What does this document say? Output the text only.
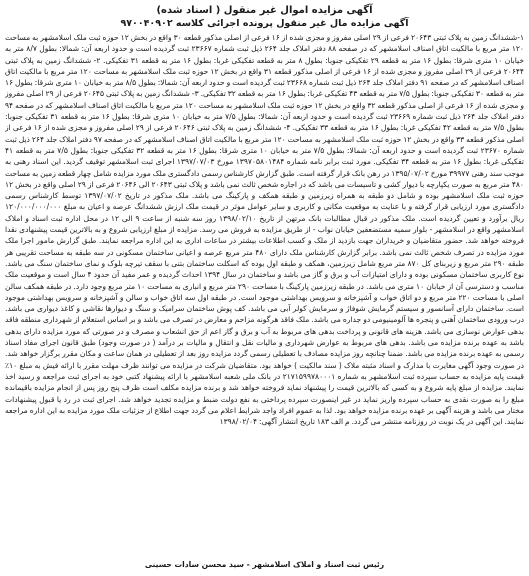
آگهی مزایده اموال غیر منقول ( اسناد شده)
آگهی مزایده مال غیر منقول پرونده اجرائی کلاسه ۹۷۰۰۴۰۹۰۲

۱-ششدانگ زمین به پلاک ثبتی ۲۰۶۴۳ فرعی از ۲۹ اصلی مفروز و مجزی شده از ۱۶ فرعی از اصلی مذکور قطعه ۳۰ واقع در بخش ۱۲ حوزه ثبت ملک اسلامشهر به مساحت ۱۲۰ متر مربع با مالکیت اتاق اصناف اسلامشهر که در صفحه ۸۸ دفتر املاک جلد ۲۶۴ ذیل ثبت شماره ۲۳۶۶۷ ثبت گردیده است و حدود اربعه آن: شمالا: بطول ۸/۷ متر به خیابان ۱۰ متری شرقا: بطول ۱۶ متر به قطعه ۲۹ تفکیکی جنوبا: بطول ۸ متر به قطعه تفکیکی غربا: بطول ۱۶ متر به قطعه ۳۱ تفکیکی. ۲- ششدانگ زمین به پلاک ثبتی ۲۰۶۴۴ فرعی از ۲۹ اصلی مفروز و مجزی شده از ۱۶ فرعی از اصلی مذکور قطعه ۳۱ واقع در بخش ۱۲ حوزه ثبت ملک اسلامشهر به مساحت ۱۲۰ متر مربع با مالکیت اتاق اصناف اسلامشهر که در صفحه ۹۱ دفتر املاک جلد ۲۶۴ ذیل ثبت شماره ۲۳۶۶۸ ثبت گردیده است و حدود اربعه آن: شمالا: بطول ۸/۵ متر به خیابان ۱۰ متری شرقا: بطول ۱۶ متر به قطعه ۳۰ تفکیکی جنوبا: بطول ۷/۵ متر به قطعه ۴۳ تفکیکی غربا: بطول ۱۶ متر به قطعه ۳۲ تفکیکی. ۳- ششدانگ زمین به پلاک ثبتی ۲۰۶۴۵ فرعی از ۲۹ اصلی مفروز و مجزی شده از ۱۶ فرعی از اصلی مذکور قطعه ۳۲ واقع در بخش ۱۲ حوزه ثبت ملک اسلامشهر به مساحت ۱۲۰ متر مربع با مالکیت اتاق اصناف اسلامشهر که در صفحه ۹۴ دفتر املاک جلد ۲۶۴ ذیل ثبت شماره ۲۳۶۶۹ ثبت گردیده است و حدود اربعه آن: شمالا: بطول ۷/۵ متر به خیابان ۱۰ متری شرقا: بطول ۱۶ متر به قطعه ۳۱ تفکیکی جنوبا: بطول ۷/۵ متر به قطعه ۴۲ تفکیکی غربا: بطول ۱۶ متر به قطعه ۳۳ تفکیکی. ۴- ششدانگ زمین به پلاک ثبتی ۲۰۶۴۶ فرعی از ۲۹ اصلی مفروز و مجزی شده از ۱۶ فرعی از اصلی مذکور قطعه ۳۳ واقع در بخش ۱۲ حوزه ثبت ملک اسلامشهر به مساحت ۱۲۰ متر مربع با مالکیت اتاق اصناف اسلامشهر که در صفحه ۹۷ دفتر املاک جلد ۲۶۴ ذیل ثبت شماره ۲۳۶۷۰ ثبت گردیده است و حدود اربعه آن: شمالا: بطول ۷/۵ متر به خیابان ۱۰ متری شرقا: بطول ۱۶ متر به قطعه ۳۲ تفکیکی جنوبا: بطول ۷/۵ متر به قطعه ۴۱ تفکیکی غربا: بطول ۱۶ متر به قطعه ۳۴ تفکیکی. مورد ثبت برابر نامه شماره ۱۳۹۷۰۵۸۰۱۴۸۴ مورخ ۱۳۹۷/۰۷/۰۳ اجرای ثبت اسلامشهر توقیف گردید. این اسناد رهنی به موجب سند رهنی ۳۹۹۷۷ مورخ ۱۳۹۵/۰۷/۰۲ در رهن بانک قرار گرفته است. طبق گزارش کارشناس رسمی دادگستری ملک مورد مزایده شامل چهار قطعه زمین به مساحت ۴۸۰ متر مربع به صورت یکپارچه با دیوار کشی و تاسیسات می باشد که در اجاره شخص ثالث نمی باشد و پلاک ثبتی ۲۰۶۴۳ الی ۲۰۶۴۶ فرعی از ۲۹ اصلی واقع در بخش ۱۲ حوزه ثبت ملک اسلامشهر بوده و شامل دو طبقه به همراه زیرزمین و طبقه همکف و پارکینگ می باشد. ملک مذکور در تاریخ ۱۳۹۷/۰۷/۰۲ توسط کارشناس رسمی دادگستری مورد ارزیابی قرار گرفته و با عنایت به موقعیت مکانی و کاربری و سایر عوامل موثر در قیمت ملک ارزش ششدانگ عرصه و اعیان به مبلغ ۱۲۰/۰۰۰/۰۰۰/۰۰۰ ریال برآورد و تعیین گردیده است. ملک مذکور در قبال مطالبات بانک مرتهن از تاریخ ۱۳۹۸/۰۲/۱۰ روز سه شنبه از ساعت ۹ الی ۱۲ در محل اداره ثبت اسناد و املاک اسلامشهر واقع در اسلامشهر - بلوار سمیه مستضعفین خیابان نواب - از طریق مزایده به فروش می رسد. مزایده از مبلغ ارزیابی شروع و به بالاترین قیمت پیشنهادی نقدا فروخته خواهد شد. حضور متقاضیان و خریداران جهت بازدید از ملک و کسب اطلاعات بیشتر در ساعات اداری به این اداره مراجعه نمایند. طبق گزارش مامور اجرا ملک مورد مزایده در تصرف شخص ثالث نمی باشد. برابر گزارش کارشناس ملک دارای ۴۸۰ متر مربع عرصه و اعیانی ساختمان مسکونی در سه طبقه به مساحت تقریبی هر طبقه ۲۹۰ متر مربع و زیربنای کل ۸۷۰ متر مربع شامل زیرزمین، همکف و طبقه اول بوده که اسکلت ساختمان بتنی با سقف تیرچه بلوک و نمای ساختمان سنگ می باشد. نوع کاربری ساختمان مسکونی بوده و دارای امتیازات آب و برق و گاز می باشد و ساختمان در سال ۱۳۹۴ احداث گردیده و عمر مفید آن حدود ۴ سال است و موقعیت ملک مناسب و دسترسی آن از خیابان ۱۰ متری می باشد. در طبقه زیرزمین پارکینگ با مساحت ۲۹۰ متر مربع و انباری به مساحت ۱۰ متر مربع وجود دارد. در طبقه همکف سالن اصلی با مساحت ۲۲۰ متر مربع و دو اتاق خواب و آشپزخانه و سرویس بهداشتی موجود است. در طبقه اول سه اتاق خواب و سالن و آشپزخانه و سرویس بهداشتی موجود است. ساختمان دارای آسانسور و سیستم گرمایش شوفاژ و سرمایش کولر آبی می باشد. کف پوش ساختمان سرامیک و سنگ و دیوارها نقاشی و کاغذ دیواری می باشد. درب ورودی ساختمان آهنی و پنجره ها آلومینیومی دو جداره می باشد. ملک فاقد هرگونه مزاحم و معارض در تصرف می باشد و بر اساس استعلام از شهرداری منطقه فاقد بدهی عوارض نوسازی می باشد. هزینه های قانونی و پرداخت بدهی های مربوط به آب و برق و گاز اعم از حق انشعاب و مصرف و در صورتی که مورد مزایده دارای بدهی باشد به عهده برنده مزایده می باشد. بدهی های مربوط به عوارض شهرداری و مالیات نقل و انتقال و مالیات بر درآمد ( در صورت وجود) طبق قانون اجرای مفاد اسناد رسمی به عهده برنده مزایده می باشد. ضمنا چنانچه روز مزایده مصادف با تعطیلی رسمی گردد مزایده روز بعد از تعطیلی در همان ساعت و مکان مقرر برگزار خواهد شد. در صورت وجود آگهی مغایرت با مدارک و اسناد مثبته ملاک ( سند مالکیت ) خواهد بود. متقاضیان شرکت در مزایده می توانند ظرف مهلت مقرر با ارائه فیش به مبلغ ۱۰٪ قیمت پایه مزایده به حساب سپرده ثبت اسلامشهر به شماره ۲۱۷۱۵۹۹۷۸۰۰۰۱ در بانک ملی شعبه اسلامشهر با ارائه پیشنهاد کتبی خود به اجرای ثبت مراجعه و رسید اخذ نمایند. مزایده از مبلغ پایه شروع و به کسی که بالاترین قیمت را پیشنهاد نماید فروخته خواهد شد و برنده مزایده مکلف است ظرف پنج روز پس از انجام مزایده باقیمانده مبلغ را به صورت نقدی به حساب سپرده واریز نماید در غیر اینصورت سپرده پرداختی به نفع دولت ضبط و مزایده تجدید خواهد شد. اجرای ثبت در رد یا قبول پیشنهادات مختار می باشد و هزینه آگهی بر عهده برنده مزایده خواهد بود. لذا به عموم افراد واجد شرایط اعلام می گردد جهت اطلاع از جزئیات ملک مورد مزایده به این اداره مراجعه نمایند. این آگهی در یک نوبت در روزنامه منتشر می گردد. م الف ۱۸۳ تاریخ انتشار آگهی: ۱۳۹۸/۰۲/۰۴

رئیس ثبت اسناد و املاک اسلامشهر - سید محسن سادات حسینی
